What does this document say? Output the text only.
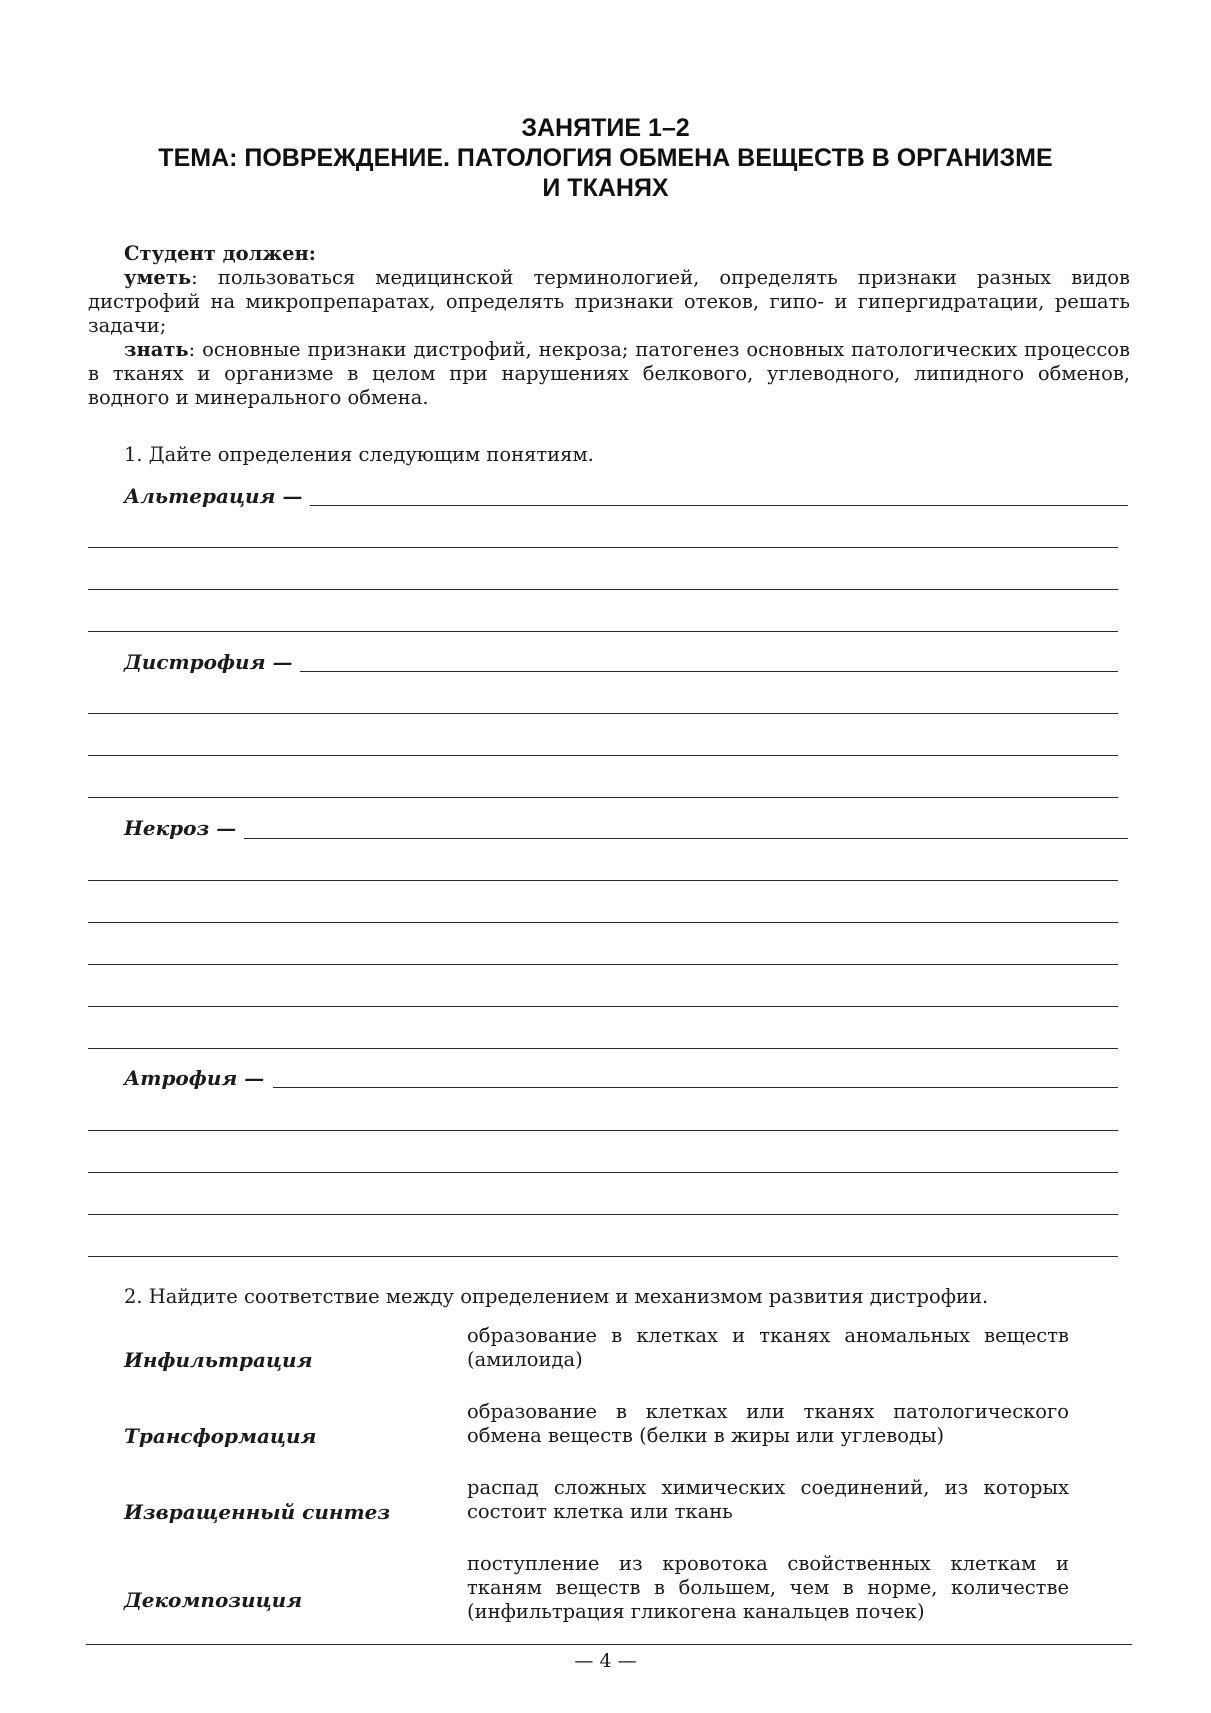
ЗАНЯТИЕ 1–2
ТЕМА: ПОВРЕЖДЕНИЕ. ПАТОЛОГИЯ ОБМЕНА ВЕЩЕСТВ В ОРГАНИЗМЕ
И ТКАНЯХ

Студент должен:

уметь: пользоваться медицинской терминологией, определять признаки разных видов дистрофий на микропрепаратах, определять признаки отеков, гипо- и гипергидратации, решать задачи;

знать: основные признаки дистрофий, некроза; патогенез основных патологических процессов в тканях и организме в целом при нарушениях белкового, углеводного, липидного обменов, водного и минерального обмена.

1. Дайте определения следующим понятиям.
Альтерация —
Дистрофия —
Некроз —
Атрофия —
2. Найдите соответствие между определением и механизмом развития дистрофии.
Инфильтрация
образование в клетках и тканях аномальных веществ (амилоида)
Трансформация
образование в клетках или тканях патологического обмена веществ (белки в жиры или углеводы)
Извращенный синтез
распад сложных химических соединений, из которых состоит клетка или ткань
Декомпозиция
поступление из кровотока свойственных клеткам и тканям веществ в большем, чем в норме, количестве (инфильтрация гликогена канальцев почек)
— 4 —
